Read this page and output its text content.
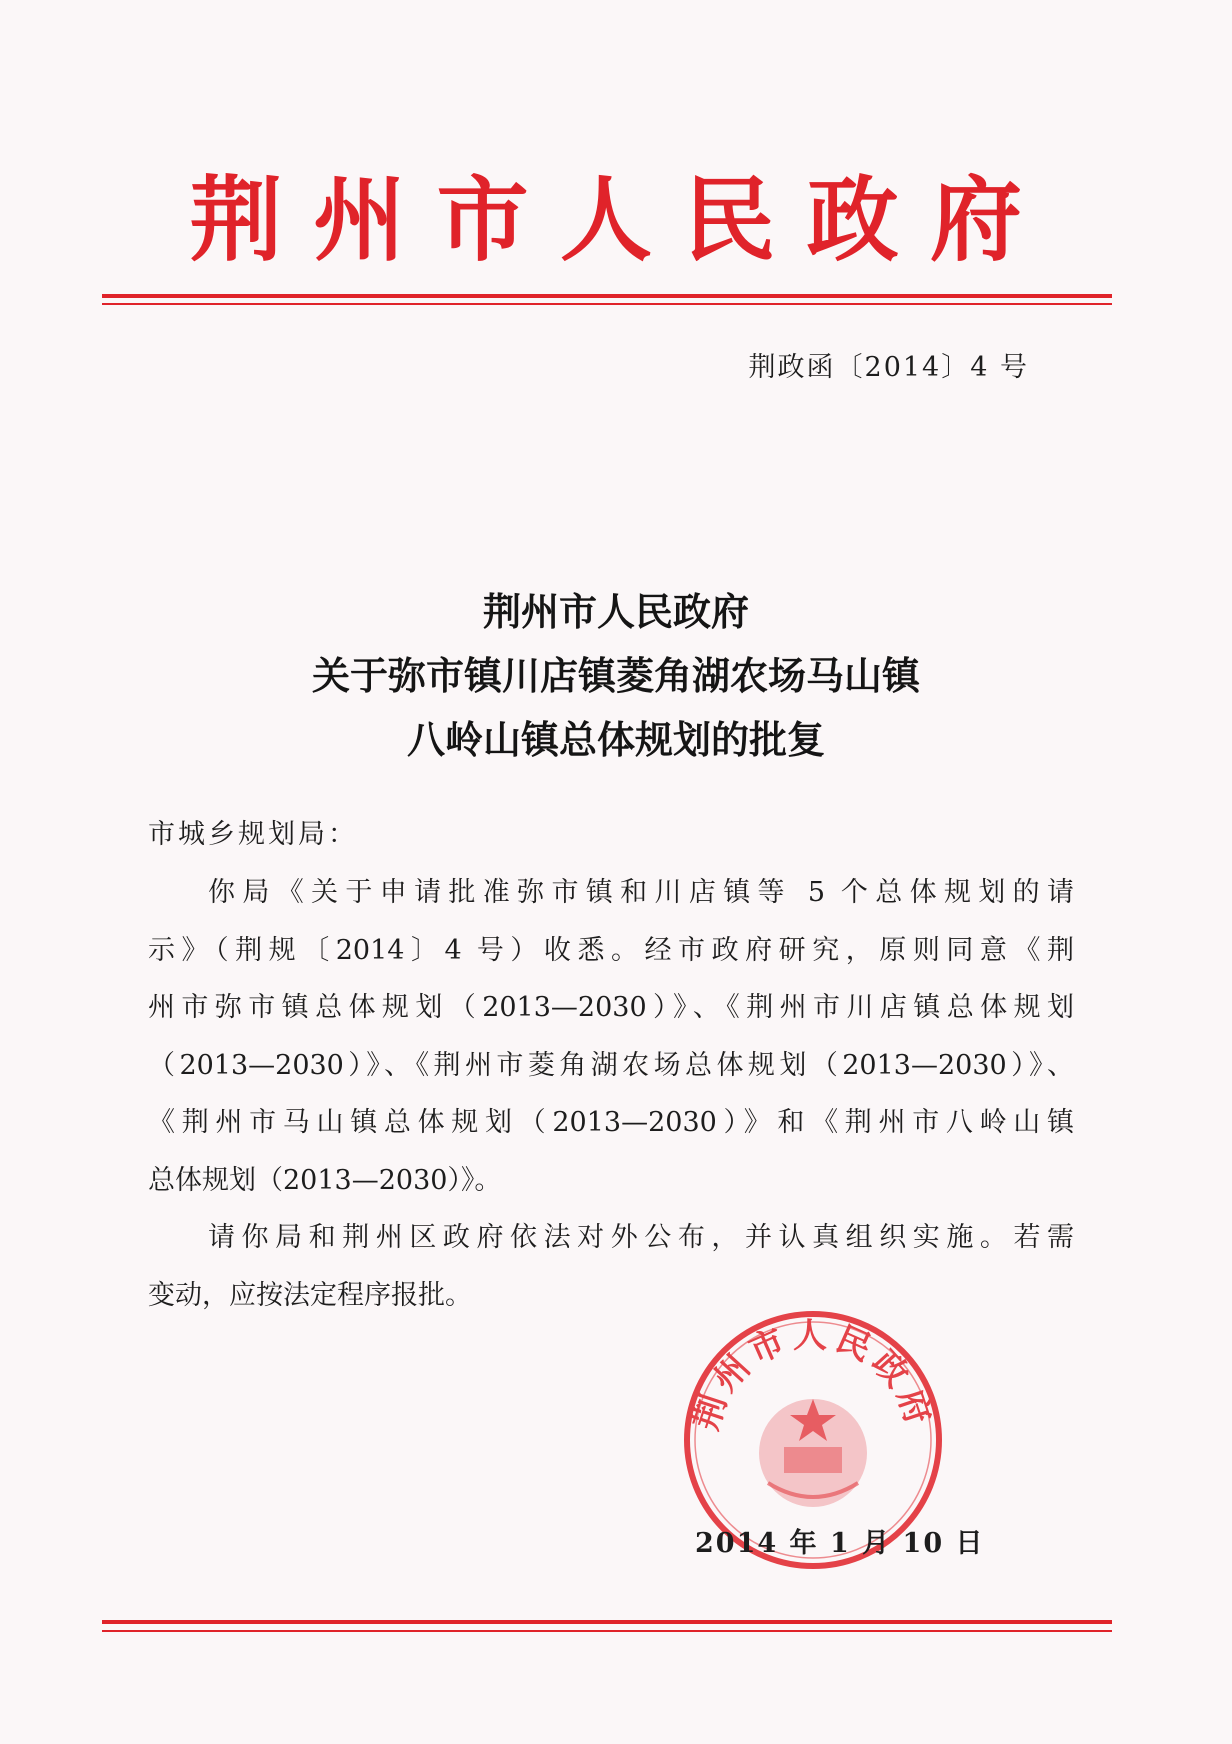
荆 州 市 人 民 政 府
荆政函〔2014〕4 号
荆州市人民政府
关于弥市镇川店镇菱角湖农场马山镇
八岭山镇总体规划的批复
市城乡规划局：
你局《关于申请批准弥市镇和川店镇等 5 个总体规划的请
示》（荆规〔2014〕4 号）收悉。经市政府研究，原则同意《荆
州市弥市镇总体规划（2013—2030）》、《荆州市川店镇总体规划
（2013—2030）》、《荆州市菱角湖农场总体规划（2013—2030）》、
《荆州市马山镇总体规划（2013—2030）》和《荆州市八岭山镇
总体规划（2013—2030）》。
请你局和荆州区政府依法对外公布，并认真组织实施。若需
变动，应按法定程序报批。
荆州市人民政府
2014 年 1 月 10 日
